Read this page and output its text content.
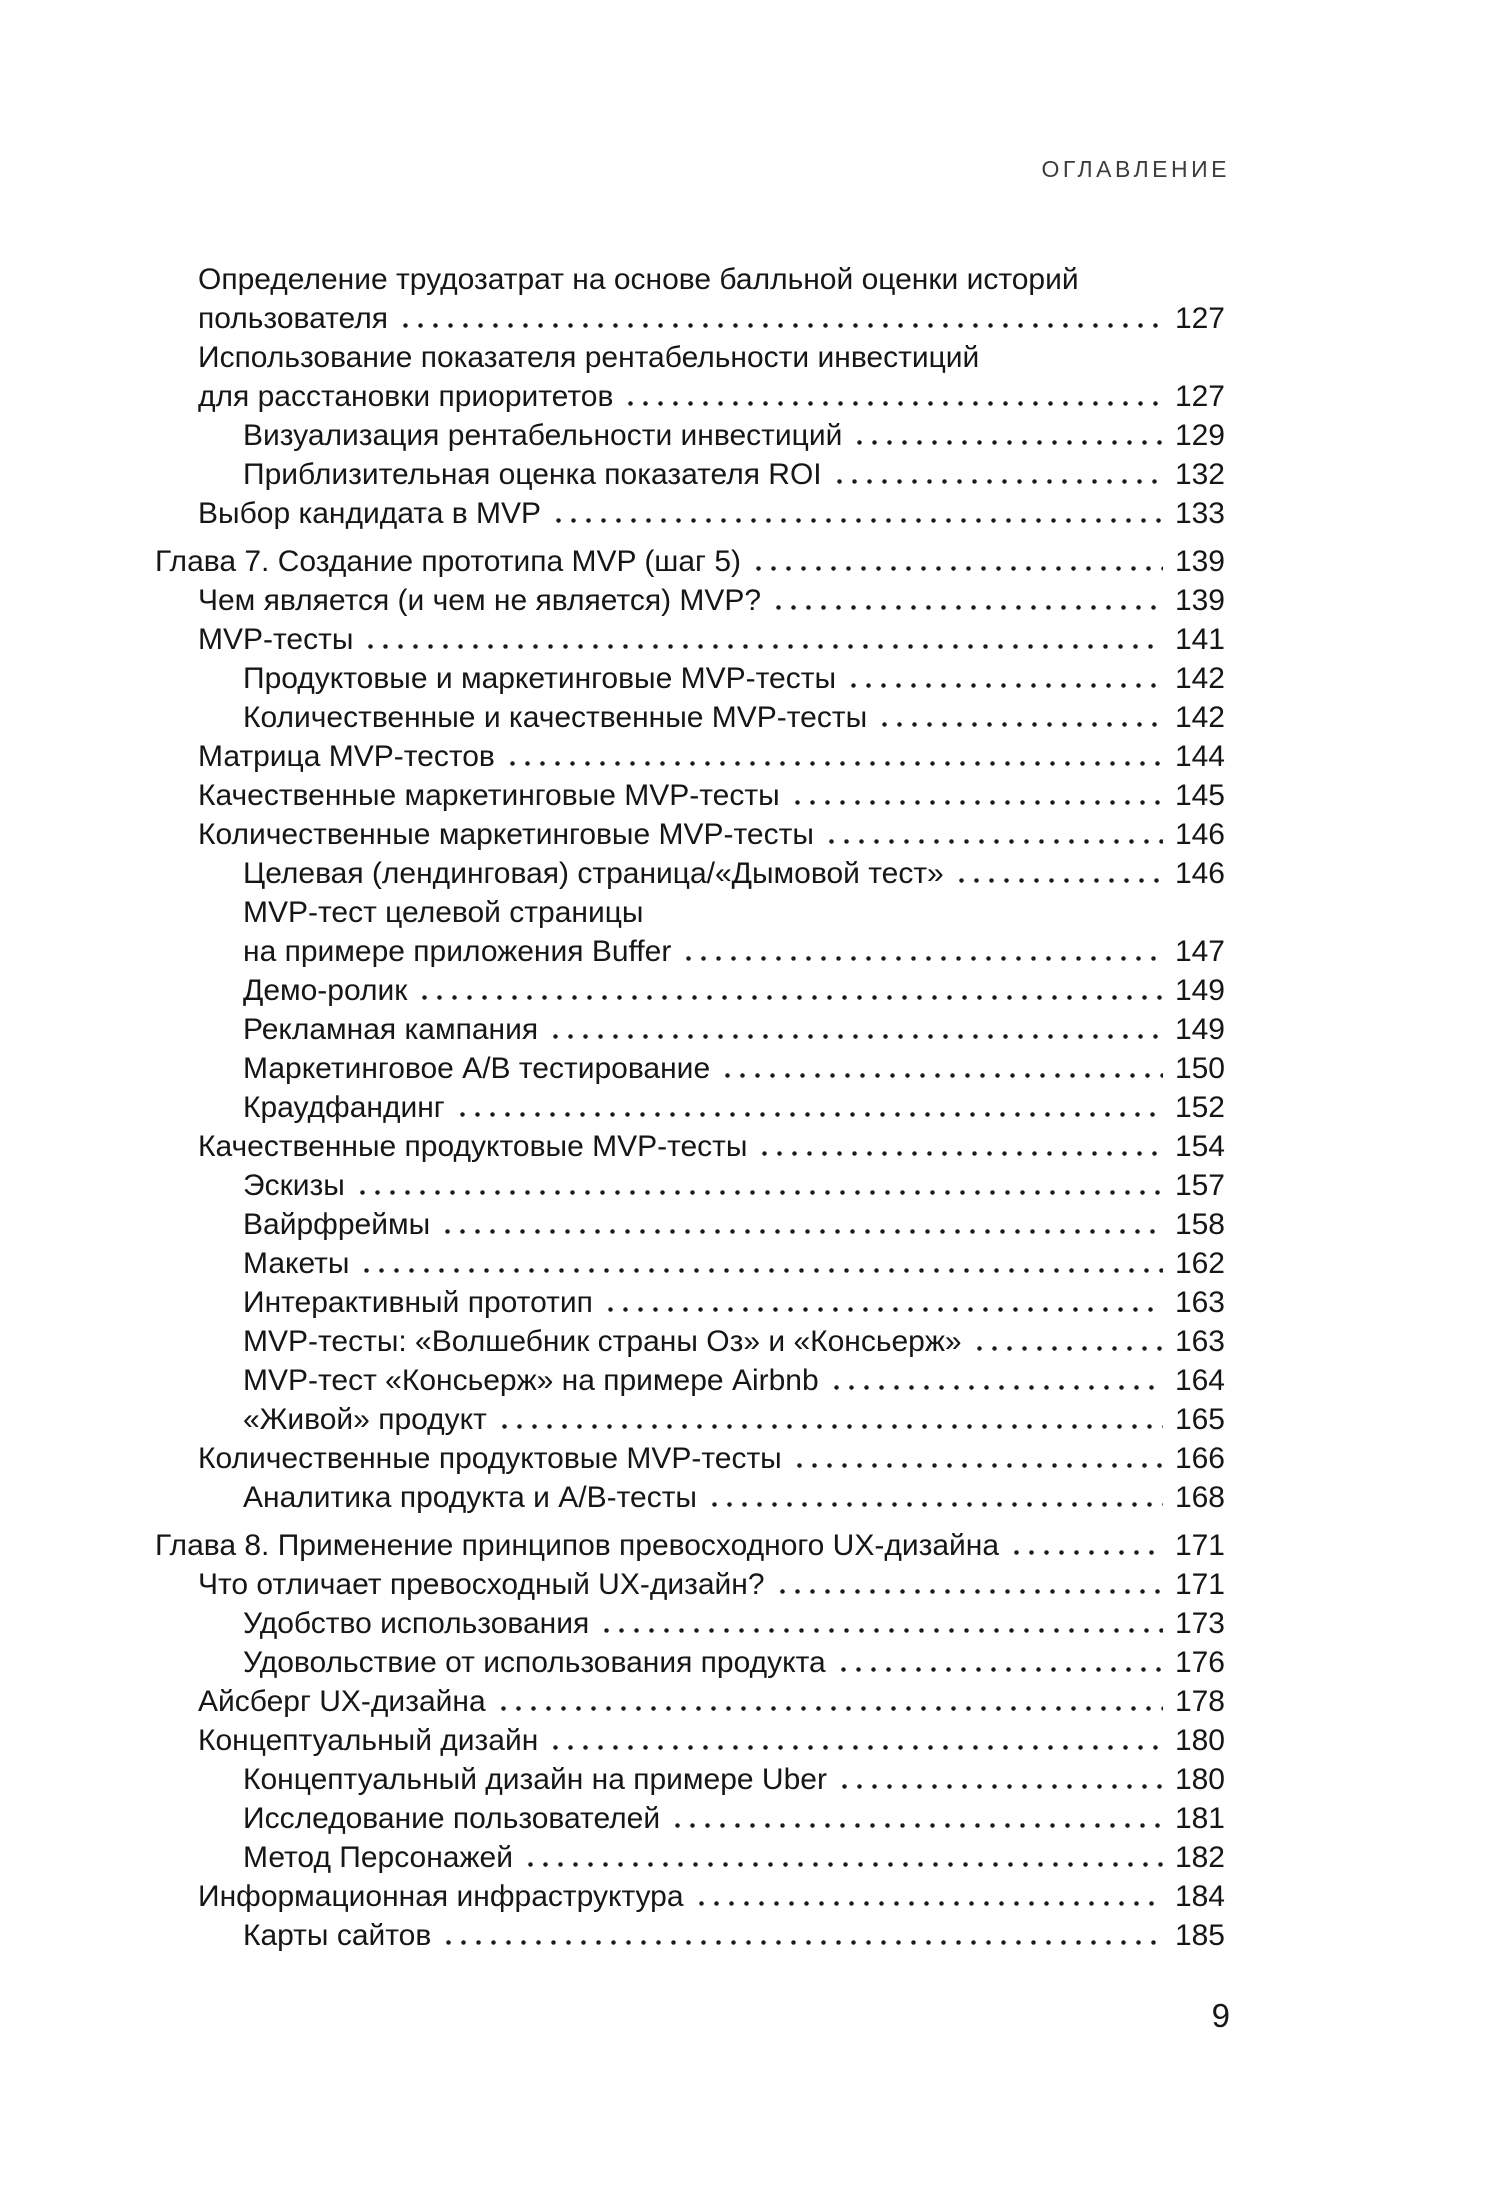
ОГЛАВЛЕНИЕ
Определение трудозатрат на основе балльной оценки историй
пользователя	127
Использование показателя рентабельности инвестиций
для расстановки приоритетов	127
Визуализация рентабельности инвестиций	129
Приблизительная оценка показателя ROI	132
Выбор кандидата в MVP	133
Глава 7. Создание прототипа MVP (шаг 5)	139
Чем является (и чем не является) MVP?	139
MVP-тесты	141
Продуктовые и маркетинговые MVP-тесты	142
Количественные и качественные MVP-тесты	142
Матрица MVP-тестов	144
Качественные маркетинговые MVP-тесты	145
Количественные маркетинговые MVP-тесты	146
Целевая (лендинговая) страница/«Дымовой тест»	146
MVP-тест целевой страницы
на примере приложения Buffer	147
Демо-ролик	149
Рекламная кампания	149
Маркетинговое A/B тестирование	150
Краудфандинг	152
Качественные продуктовые MVP-тесты	154
Эскизы	157
Вайрфреймы	158
Макеты	162
Интерактивный прототип	163
MVP-тесты: «Волшебник страны Оз» и «Консьерж»	163
MVP-тест «Консьерж» на примере Airbnb	164
«Живой» продукт	165
Количественные продуктовые MVP-тесты	166
Аналитика продукта и A/B-тесты	168
Глава 8. Применение принципов превосходного UX-дизайна	171
Что отличает превосходный UX-дизайн?	171
Удобство использования	173
Удовольствие от использования продукта	176
Айсберг UX-дизайна	178
Концептуальный дизайн	180
Концептуальный дизайн на примере Uber	180
Исследование пользователей	181
Метод Персонажей	182
Информационная инфраструктура	184
Карты сайтов	185
9
